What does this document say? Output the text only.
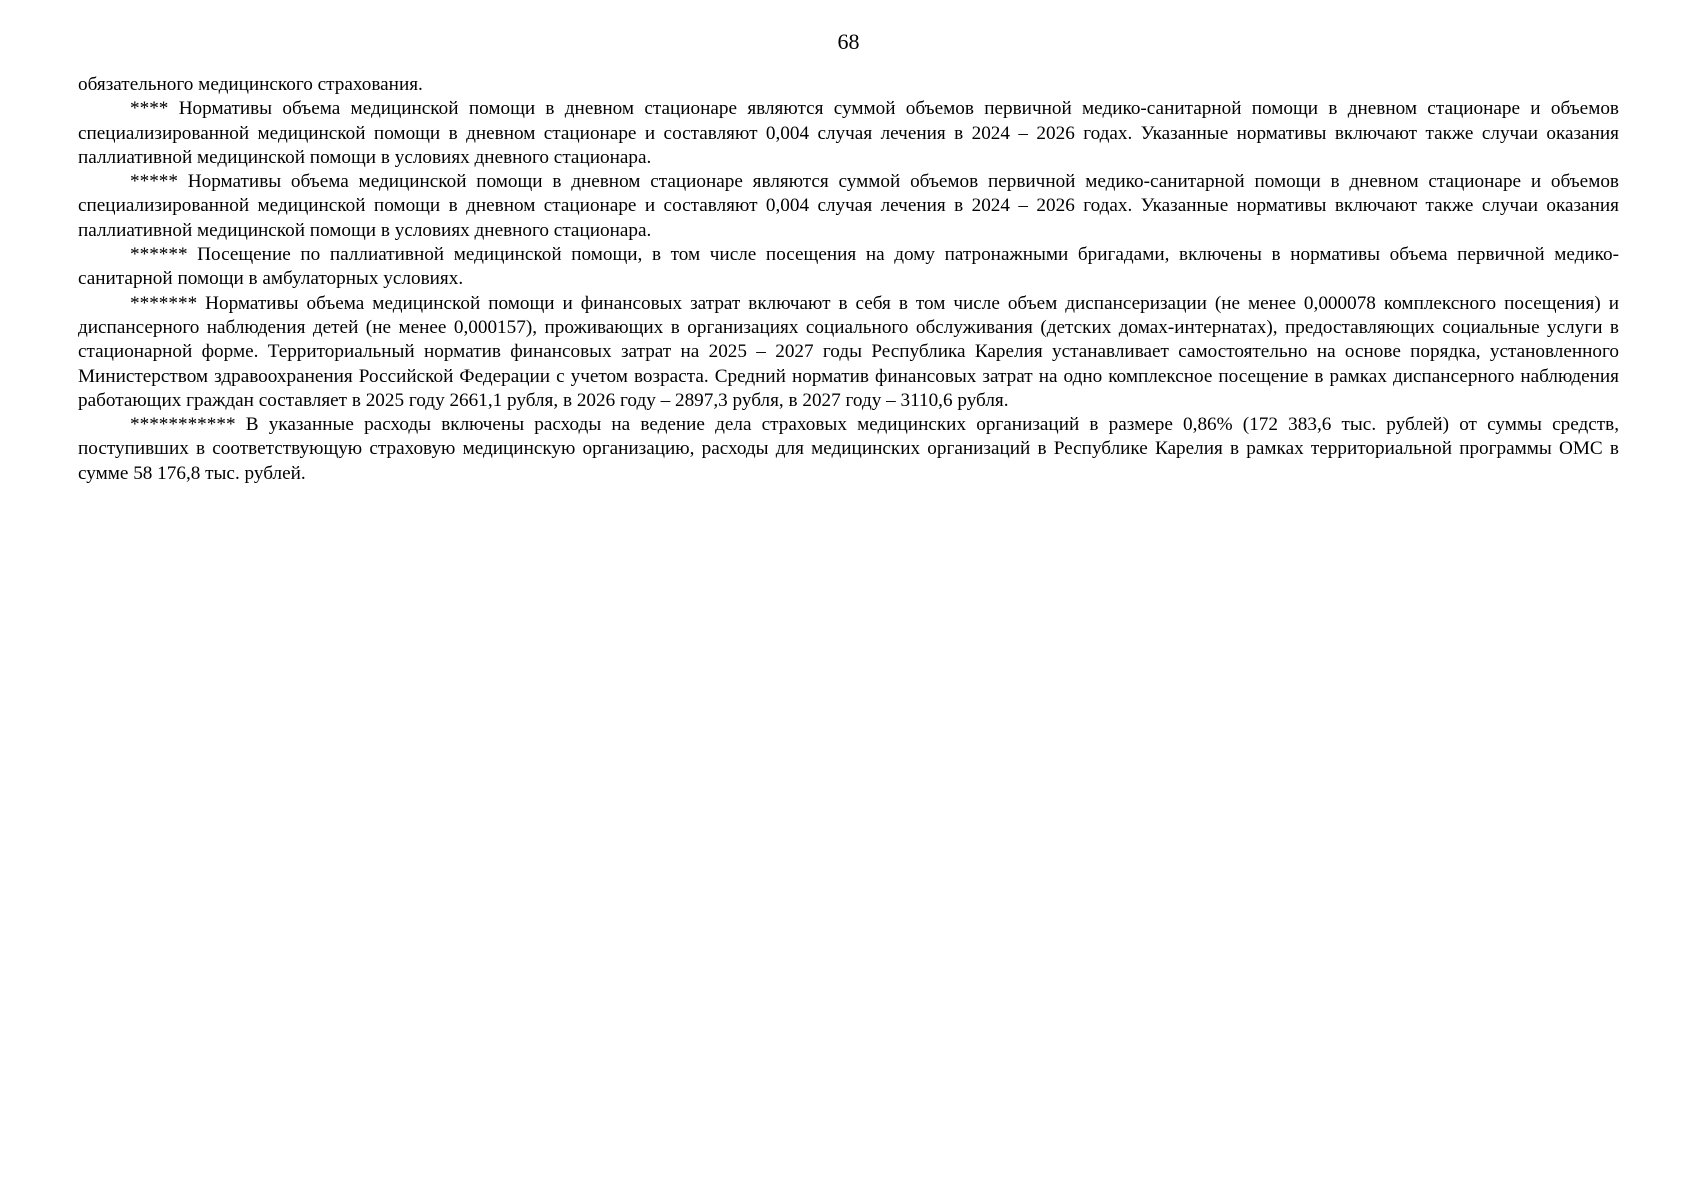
68

обязательного медицинского страхования.

**** Нормативы объема медицинской помощи в дневном стационаре являются суммой объемов первичной медико-санитарной помощи в дневном стационаре и объемов специализированной медицинской помощи в дневном стационаре и составляют 0,004 случая лечения в 2024 – 2026 годах. Указанные нормативы включают также случаи оказания паллиативной медицинской помощи в условиях дневного стационара.

***** Нормативы объема медицинской помощи в дневном стационаре являются суммой объемов первичной медико-санитарной помощи в дневном стационаре и объемов специализированной медицинской помощи в дневном стационаре и составляют 0,004 случая лечения в 2024 – 2026 годах. Указанные нормативы включают также случаи оказания паллиативной медицинской помощи в условиях дневного стационара.

****** Посещение по паллиативной медицинской помощи, в том числе посещения на дому патронажными бригадами, включены в нормативы объема первичной медико-санитарной помощи в амбулаторных условиях.

******* Нормативы объема медицинской помощи и финансовых затрат включают в себя в том числе объем диспансеризации (не менее 0,000078 комплексного посещения) и диспансерного наблюдения детей (не менее 0,000157), проживающих в организациях социального обслуживания (детских домах-интернатах), предоставляющих социальные услуги в стационарной форме. Территориальный норматив финансовых затрат на 2025 – 2027 годы Республика Карелия устанавливает самостоятельно на основе порядка, установленного Министерством здравоохранения Российской Федерации с учетом возраста. Средний норматив финансовых затрат на одно комплексное посещение в рамках диспансерного наблюдения работающих граждан составляет в 2025 году 2661,1 рубля, в 2026 году – 2897,3 рубля, в 2027 году – 3110,6 рубля.

*********** В указанные расходы включены расходы на ведение дела страховых медицинских организаций в размере 0,86% (172 383,6 тыс. рублей) от суммы средств, поступивших в соответствующую страховую медицинскую организацию, расходы для медицинских организаций в Республике Карелия в рамках территориальной программы ОМС в сумме 58 176,8 тыс. рублей.
